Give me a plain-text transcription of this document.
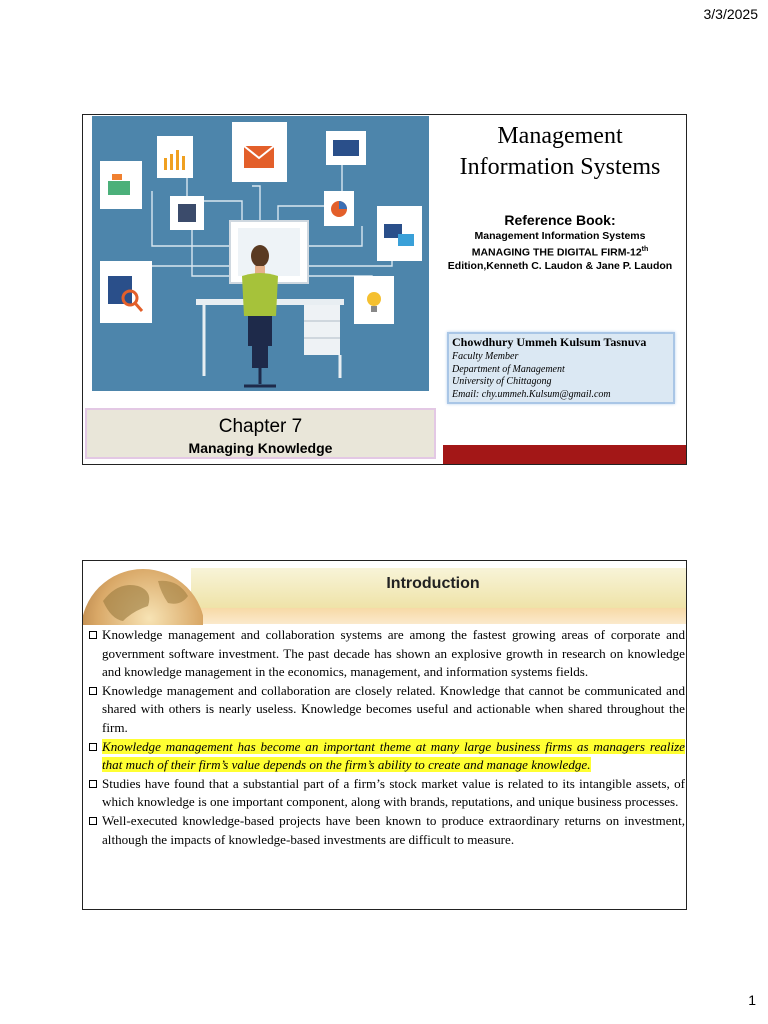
3/3/2025
Management
Information Systems
Reference Book:
Management Information Systems
MANAGING THE DIGITAL FIRM-12th
Edition,Kenneth C. Laudon & Jane P. Laudon
Chowdhury Ummeh Kulsum Tasnuva
Faculty Member
Department of Management
University of Chittagong
Email: chy.ummeh.Kulsum@gmail.com
Chapter 7
Managing Knowledge
Introduction
Knowledge management and collaboration systems are among the fastest growing areas of corporate and government software investment. The past decade has shown an explosive growth in research on knowledge and knowledge management in the economics, management, and information systems fields.
Knowledge management and collaboration are closely related. Knowledge that cannot be communicated and shared with others is nearly useless. Knowledge becomes useful and actionable when shared throughout the firm.
Knowledge management has become an important theme at many large business firms as managers realize that much of their firm’s value depends on the firm’s ability to create and manage knowledge.
Studies have found that a substantial part of a firm’s stock market value is related to its intangible assets, of which knowledge is one important component, along with brands, reputations, and unique business processes.
Well-executed knowledge-based projects have been known to produce extraordinary returns on investment, although the impacts of knowledge-based investments are difficult to measure.
1
